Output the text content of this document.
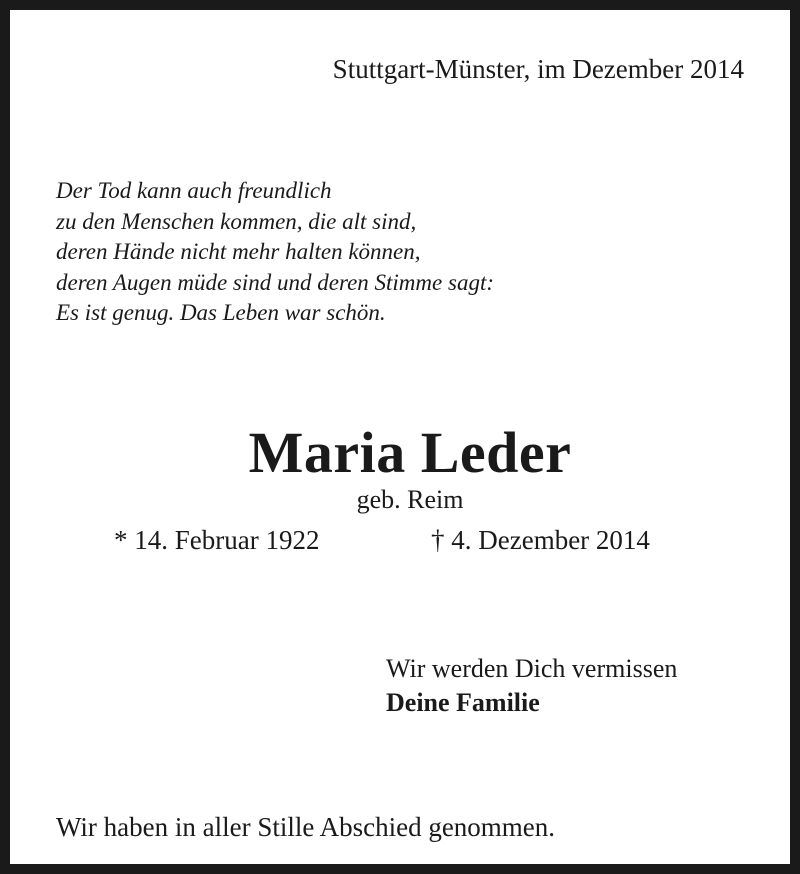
Stuttgart-Münster, im Dezember 2014
Der Tod kann auch freundlich
zu den Menschen kommen, die alt sind,
deren Hände nicht mehr halten können,
deren Augen müde sind und deren Stimme sagt:
Es ist genug. Das Leben war schön.
Maria Leder
geb. Reim
* 14. Februar 1922	† 4. Dezember 2014
Wir werden Dich vermissen
Deine Familie
Wir haben in aller Stille Abschied genommen.
